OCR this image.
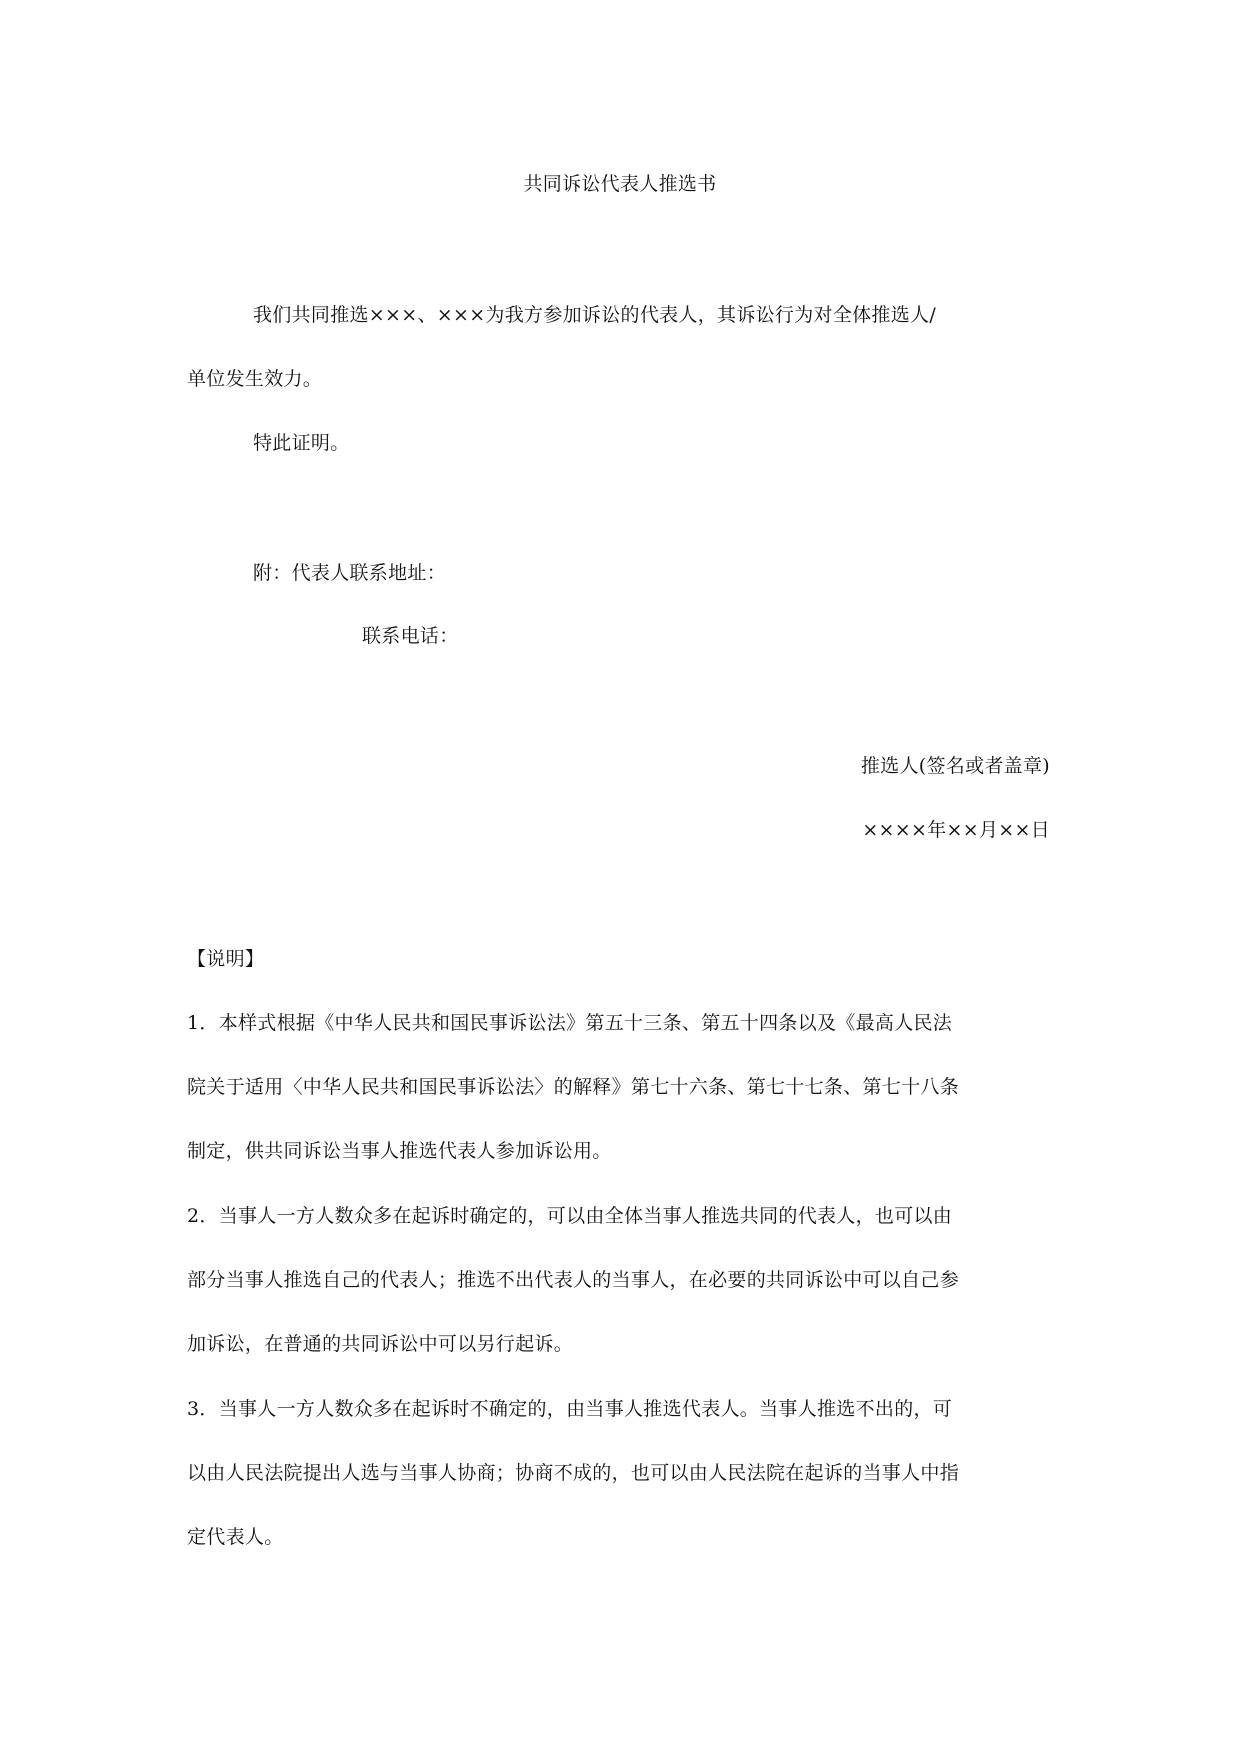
共同诉讼代表人推选书
我们共同推选×××、×××为我方参加诉讼的代表人，其诉讼行为对全体推选人/
单位发生效力。
特此证明。
附：代表人联系地址：
联系电话：
推选人(签名或者盖章)
××××年××月××日
【说明】
1．本样式根据《中华人民共和国民事诉讼法》第五十三条、第五十四条以及《最高人民法
院关于适用〈中华人民共和国民事诉讼法〉的解释》第七十六条、第七十七条、第七十八条
制定，供共同诉讼当事人推选代表人参加诉讼用。
2．当事人一方人数众多在起诉时确定的，可以由全体当事人推选共同的代表人，也可以由
部分当事人推选自己的代表人；推选不出代表人的当事人，在必要的共同诉讼中可以自己参
加诉讼，在普通的共同诉讼中可以另行起诉。
3．当事人一方人数众多在起诉时不确定的，由当事人推选代表人。当事人推选不出的，可
以由人民法院提出人选与当事人协商；协商不成的，也可以由人民法院在起诉的当事人中指
定代表人。
